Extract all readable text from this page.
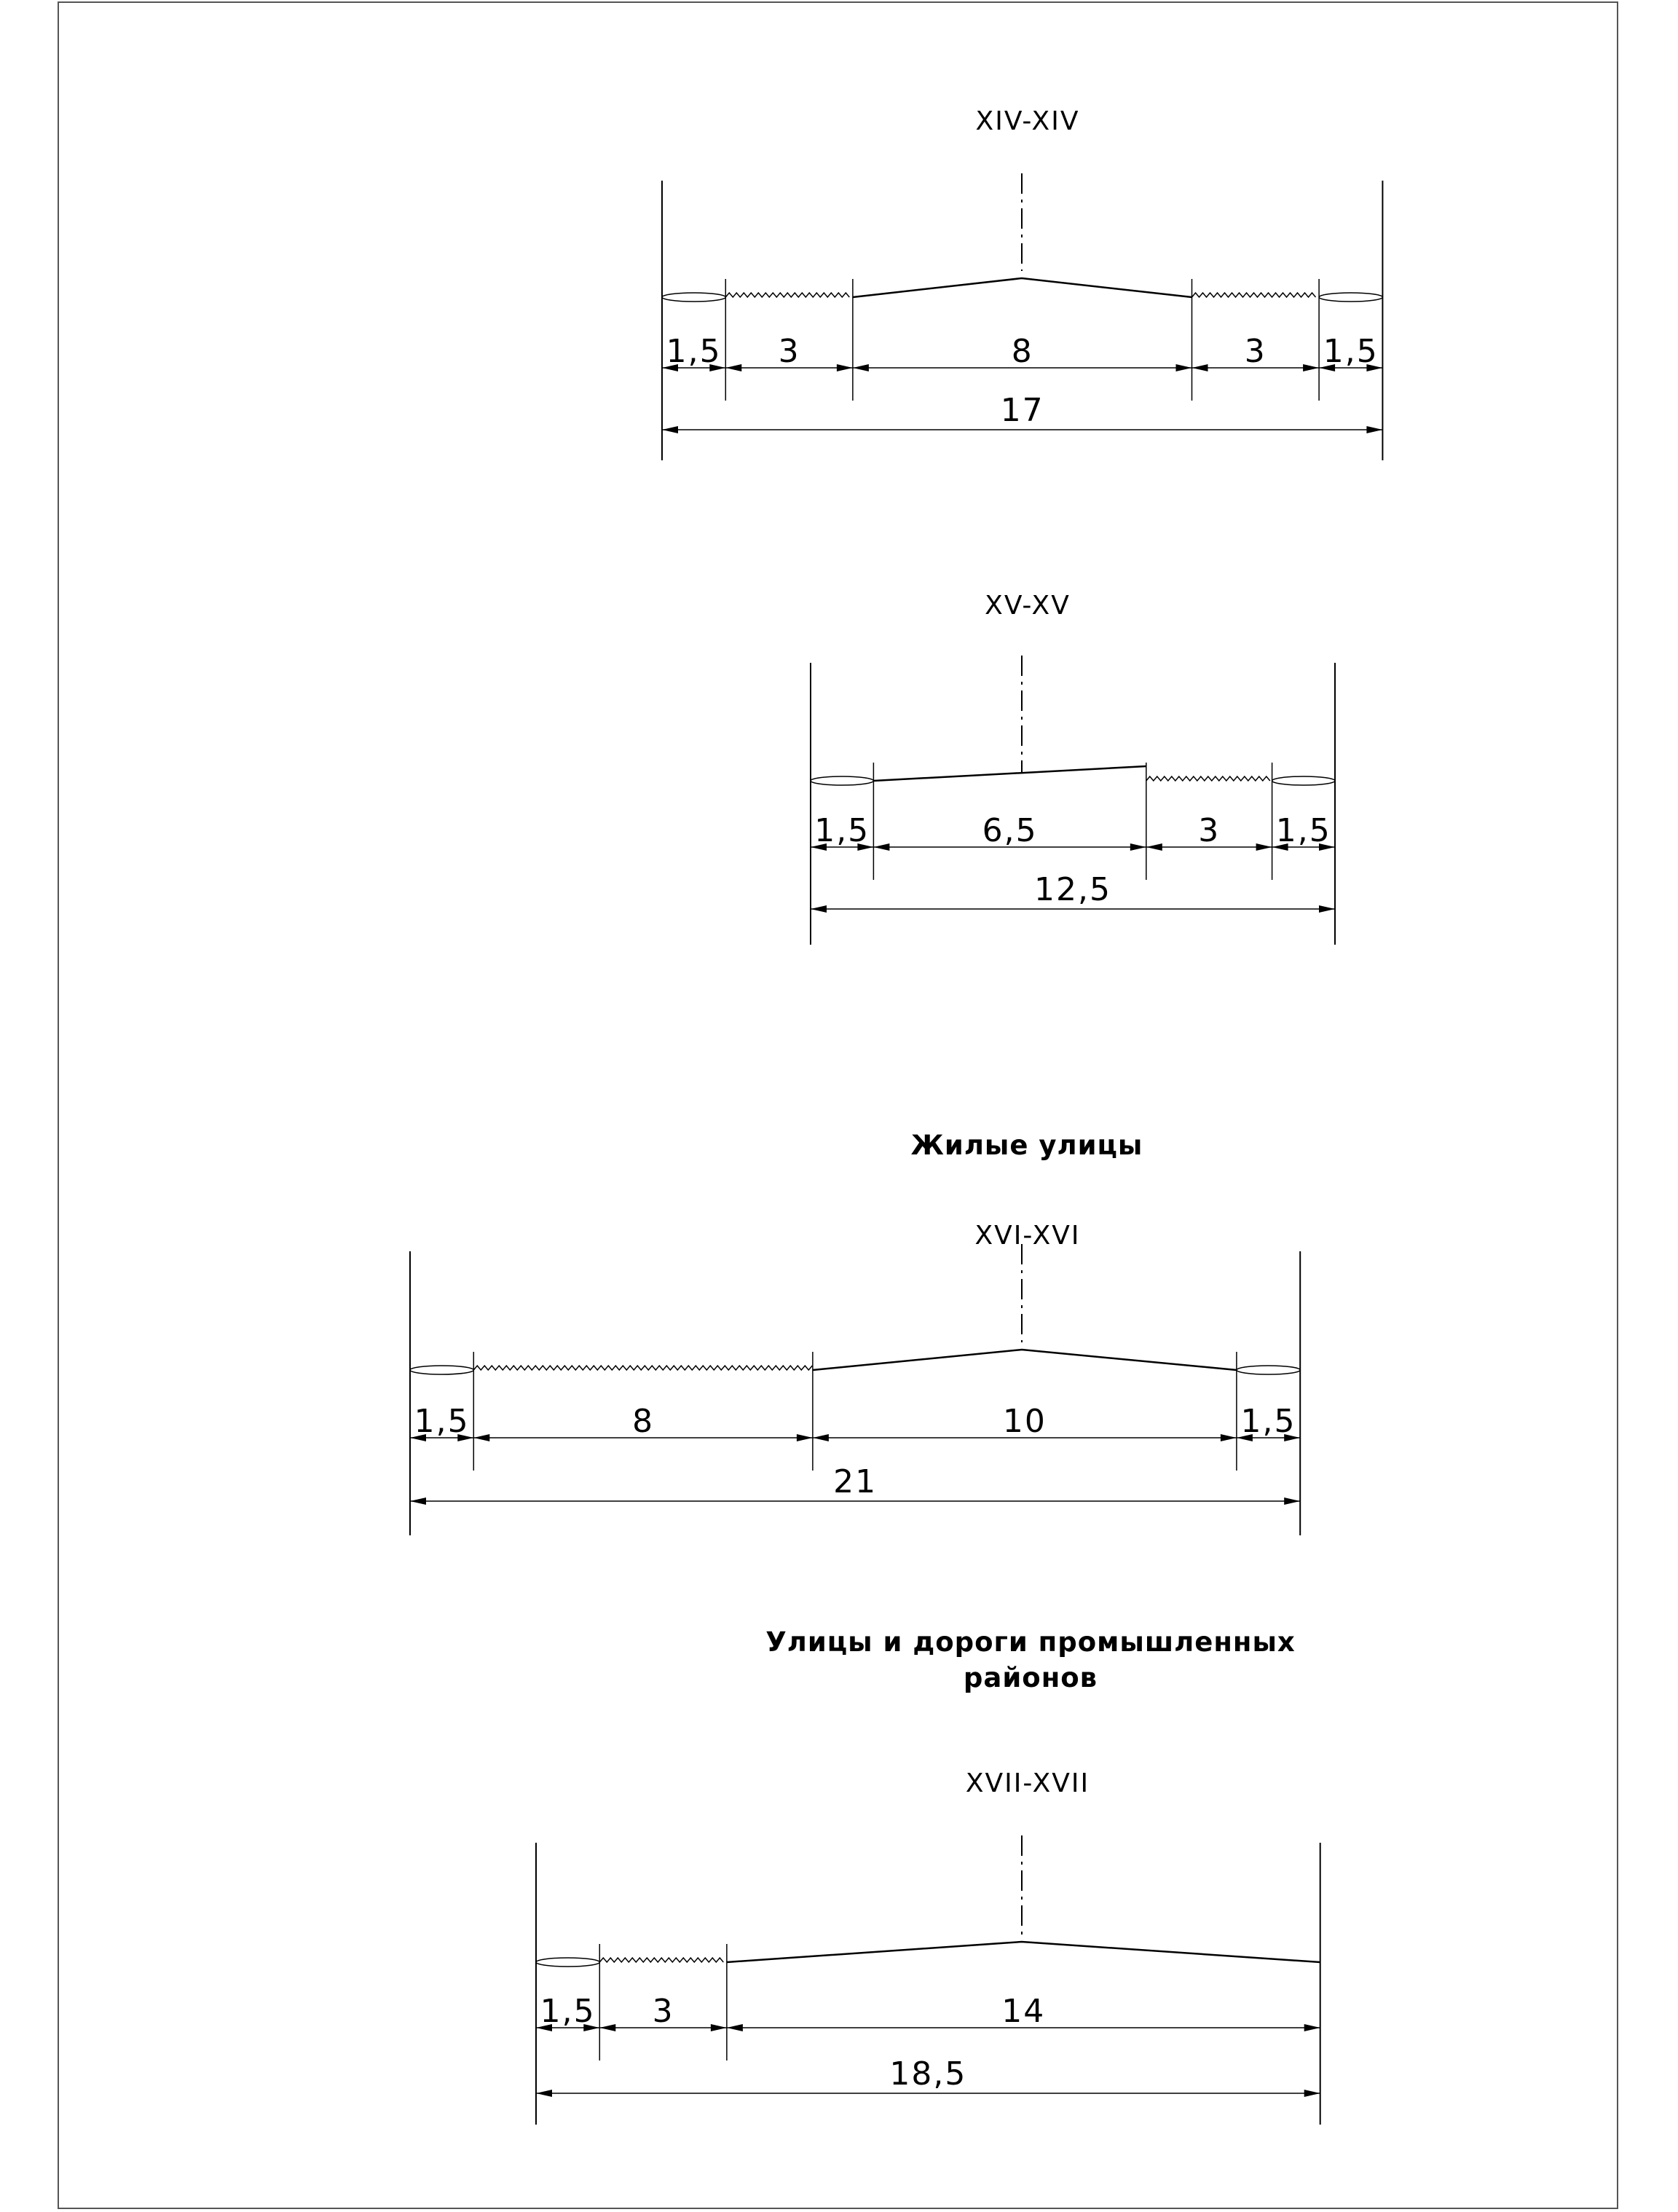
XIV-XIV
1,5 3	8	3 1,5
17
XV-XV
1,5	6,5	3 1,5
12,5
XVI-XVI
1,5	8	10	1,5
21
XVII-XVII
1,5 3	14
18,5
Жилые улицы
Улицы и дороги промышленных
районов
